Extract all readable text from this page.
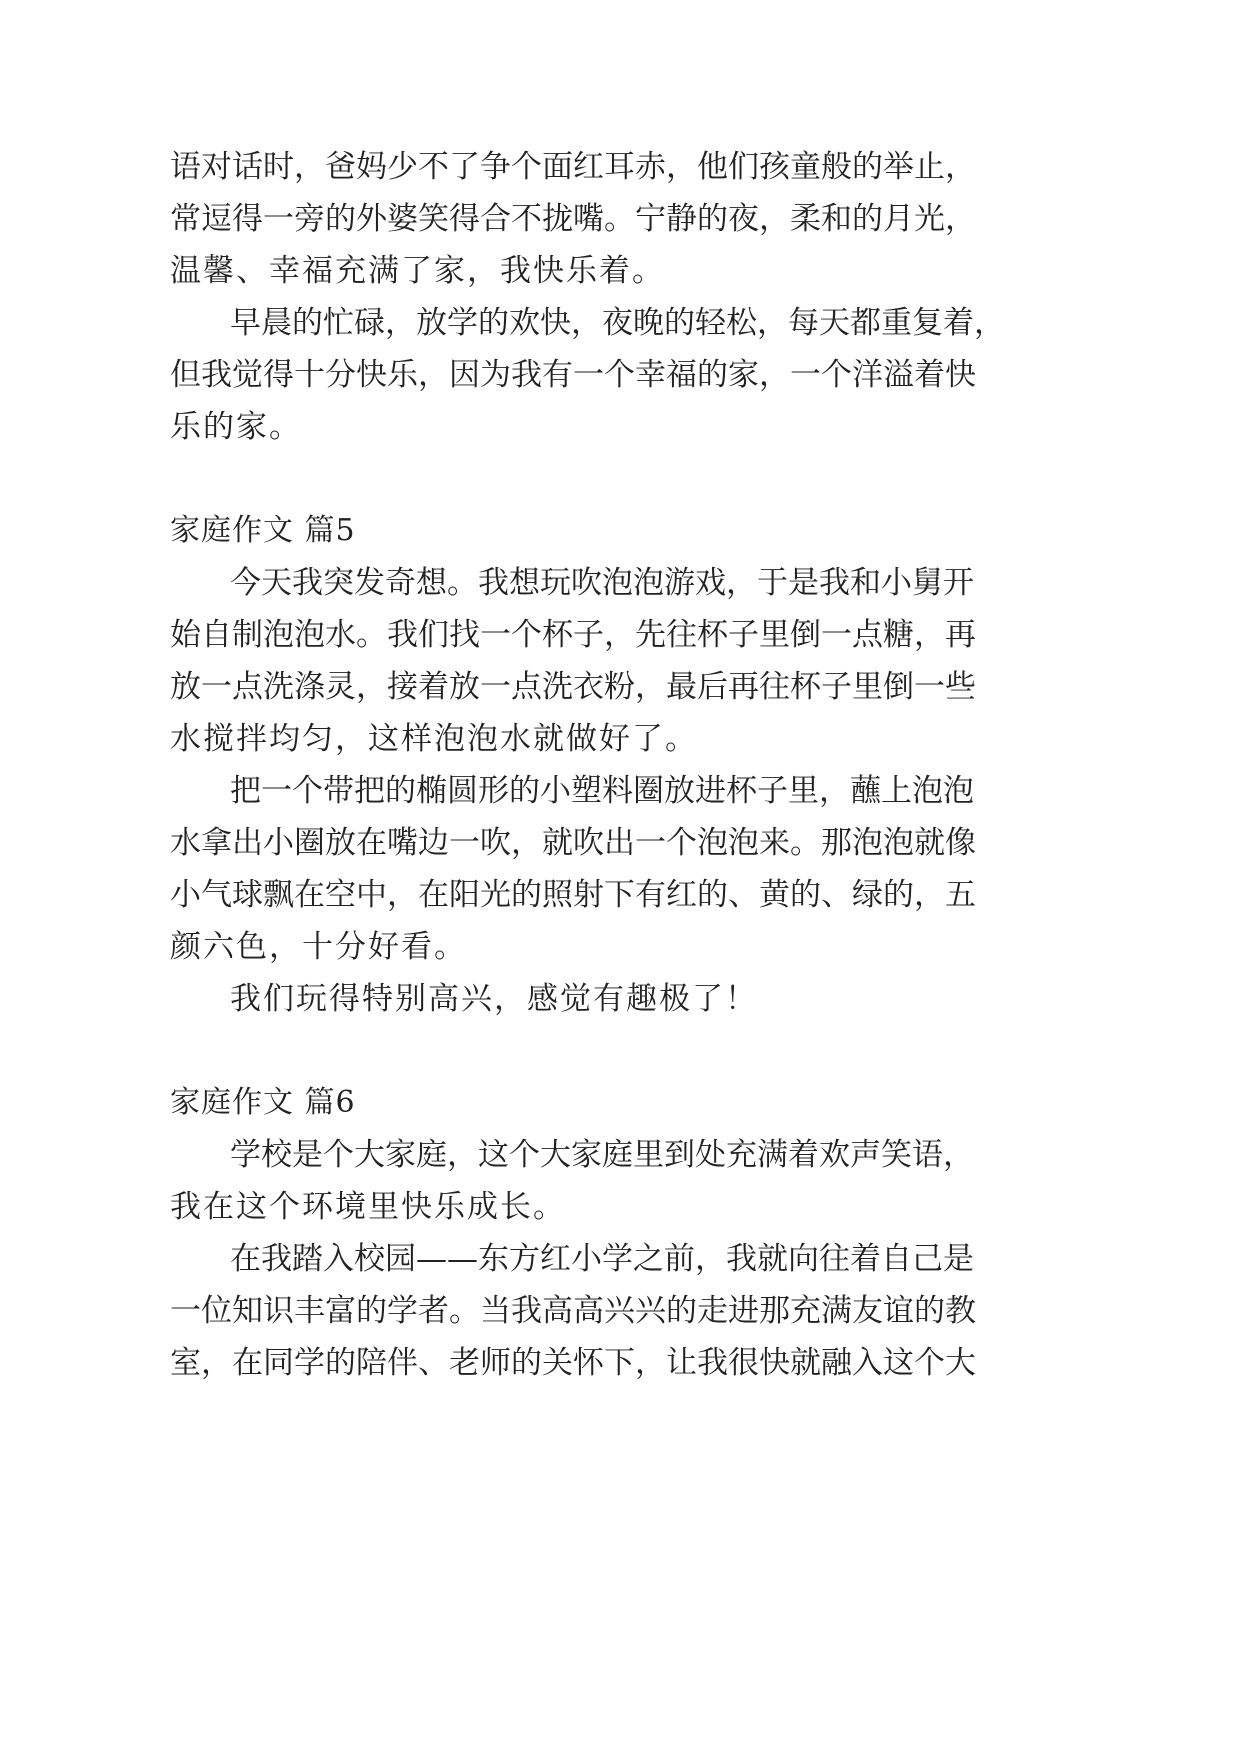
语 对 话 时 ， 爸 妈 少 不 了 争 个 面 红 耳 赤 ， 他 们 孩 童 般 的 举 止 ，
常 逗 得 一 旁 的 外 婆 笑 得 合 不 拢 嘴 。 宁 静 的 夜 ， 柔 和 的 月 光 ，
温馨、幸福充满了家，我快乐着。
早 晨 的 忙 碌 ， 放 学 的 欢 快 ， 夜 晚 的 轻 松 ， 每 天 都 重 复 着 ，
但 我 觉 得 十 分 快 乐 ， 因 为 我 有 一 个 幸 福 的 家 ， 一 个 洋 溢 着 快
乐的家。
家庭作文 篇5
今 天 我 突 发 奇 想 。 我 想 玩 吹 泡 泡 游 戏 ， 于 是 我 和 小 舅 开
始 自 制 泡 泡 水 。 我 们 找 一 个 杯 子 ， 先 往 杯 子 里 倒 一 点 糖 ， 再
放 一 点 洗 涤 灵 ， 接 着 放 一 点 洗 衣 粉 ， 最 后 再 往 杯 子 里 倒 一 些
水搅拌均匀，这样泡泡水就做好了。
把 一 个 带 把 的 椭 圆 形 的 小 塑 料 圈 放 进 杯 子 里 ， 蘸 上 泡 泡
水 拿 出 小 圈 放 在 嘴 边 一 吹 ， 就 吹 出 一 个 泡 泡 来 。 那 泡 泡 就 像
小 气 球 飘 在 空 中 ， 在 阳 光 的 照 射 下 有 红 的 、 黄 的 、 绿 的 ， 五
颜六色，十分好看。
我们玩得特别高兴，感觉有趣极了！
家庭作文 篇6
学 校 是 个 大 家 庭 ， 这 个 大 家 庭 里 到 处 充 满 着 欢 声 笑 语 ，
我在这个环境里快乐成长。
在 我 踏 入 校 园 — — 东 方 红 小 学 之 前 ， 我 就 向 往 着 自 己 是
一 位 知 识 丰 富 的 学 者 。 当 我 高 高 兴 兴 的 走 进 那 充 满 友 谊 的 教
室 ， 在 同 学 的 陪 伴 、 老 师 的 关 怀 下 ， 让 我 很 快 就 融 入 这 个 大
